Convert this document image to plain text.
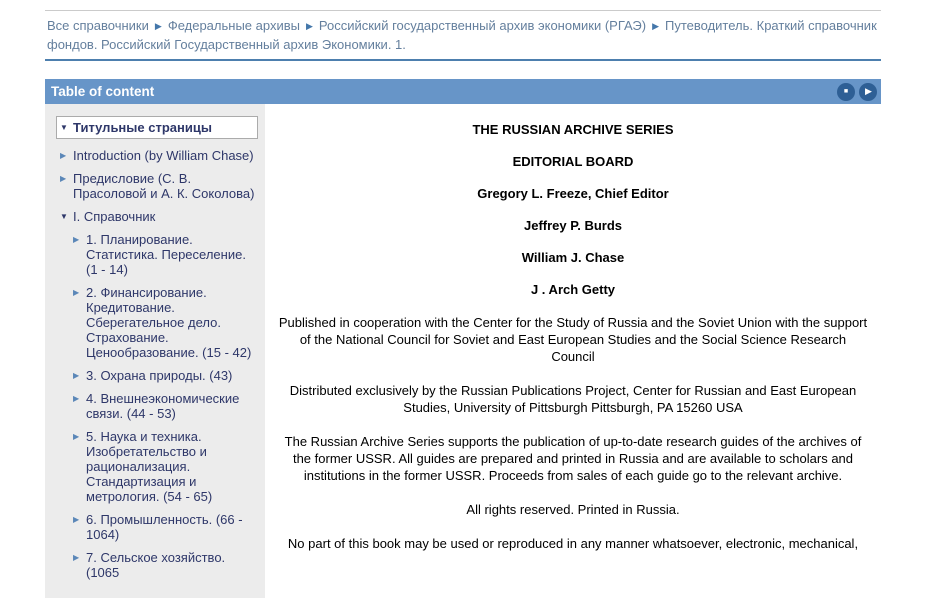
Все справочники ▶ Федеральные архивы ▶ Российский государственный архив экономики (РГАЭ) ▶ Путеводитель. Краткий справочник фондов. Российский Государственный архив Экономики. 1.
Table of content	■ ▶
▼ Титульные страницы
▶ Introduction (by William Chase)
▶ Предисловие (С. В. Прасоловой и А. К. Соколова)
▼ I. Справочник
▶ 1. Планирование. Статистика. Переселение. (1 - 14)
▶ 2. Финансирование. Кредитование. Сберегательное дело. Страхование. Ценообразование. (15 - 42)
▶ 3. Охрана природы. (43)
▶ 4. Внешнеэкономические связи. (44 - 53)
▶ 5. Наука и техника. Изобретательство и рационализация. Стандартизация и метрология. (54 - 65)
▶ 6. Промышленность. (66 - 1064)
▶ 7. Сельское хозяйство. (1065

THE RUSSIAN ARCHIVE SERIES

EDITORIAL BOARD

Gregory L. Freeze, Chief Editor

Jeffrey P. Burds

William J. Chase

J . Arch Getty

Published in cooperation with the Center for the Study of Russia and the Soviet Union with the support of the National Council for Soviet and East European Studies and the Social Science Research Council

Distributed exclusively by the Russian Publications Project, Center for Russian and East European Studies, University of Pittsburgh Pittsburgh, PA 15260 USA

The Russian Archive Series supports the publication of up-to-date research guides of the archives of the former USSR. All guides are prepared and printed in Russia and are available to scholars and institutions in the former USSR. Proceeds from sales of each guide go to the relevant archive.

All rights reserved. Printed in Russia.

No part of this book may be used or reproduced in any manner whatsoever, electronic, mechanical,
